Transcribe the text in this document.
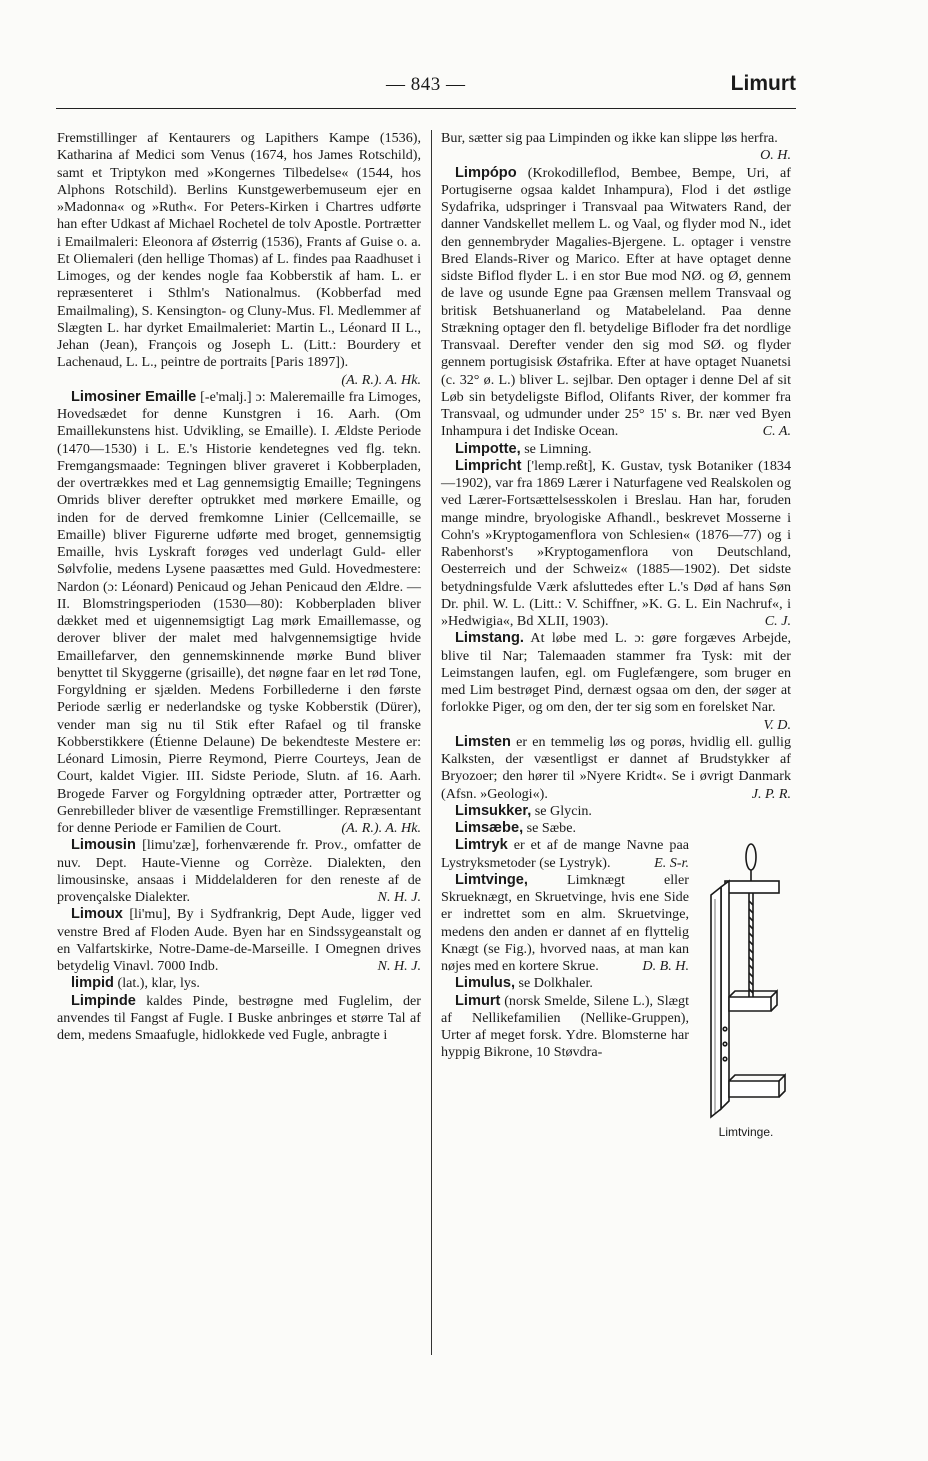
— 843 —	Limurt

Fremstillinger af Kentaurers og Lapithers Kampe (1536), Katharina af Medici som Venus (1674, hos James Rotschild), samt et Triptykon med »Kongernes Tilbedelse« (1544, hos Alphons Rotschild). Berlins Kunstgewerbemuseum ejer en »Madonna« og »Ruth«. For Peters-Kirken i Chartres udførte han efter Udkast af Michael Rochetel de tolv Apostle. Portrætter i Emailmaleri: Eleonora af Østerrig (1536), Frants af Guise o. a. Et Oliemaleri (den hellige Thomas) af L. findes paa Raadhuset i Limoges, og der kendes nogle faa Kobberstik af ham. L. er repræsenteret i Sthlm's Nationalmus. (Kobberfad med Emailmaling), S. Kensington- og Cluny-Mus. Fl. Medlemmer af Slægten L. har dyrket Emailmaleriet: Martin L., Léonard II L., Jehan (Jean), François og Joseph L. (Litt.: Bourdery et Lachenaud, L. L., peintre de portraits [Paris 1897]).
(A. R.). A. Hk.

Limosiner Emaille [-e'malj.] ɔ: Maleremaille fra Limoges, Hovedsædet for denne Kunstgren i 16. Aarh. (Om Emaillekunstens hist. Udvikling, se Emaille). I. Ældste Periode (1470—1530) i L. E.'s Historie kendetegnes ved flg. tekn. Fremgangsmaade: Tegningen bliver graveret i Kobberpladen, der overtrækkes med et Lag gennemsigtig Emaille; Tegningens Omrids bliver derefter optrukket med mørkere Emaille, og inden for de derved fremkomne Linier (Cellcemaille, se Emaille) bliver Figurerne udførte med broget, gennemsigtig Emaille, hvis Lyskraft forøges ved underlagt Guld- eller Sølvfolie, medens Lysene paasættes med Guld. Hovedmestere: Nardon (ɔ: Léonard) Penicaud og Jehan Penicaud den Ældre. — II. Blomstringsperioden (1530—80): Kobberpladen bliver dækket med et uigennemsigtigt Lag mørk Emaillemasse, og derover bliver der malet med halvgennemsigtige hvide Emaillefarver, den gennemskinnende mørke Bund bliver benyttet til Skyggerne (grisaille), det nøgne faar en let rød Tone, Forgyldning er sjælden. Medens Forbillederne i den første Periode særlig er nederlandske og tyske Kobberstik (Dürer), vender man sig nu til Stik efter Rafael og til franske Kobberstikkere (Étienne Delaune) De bekendteste Mestere er: Léonard Limosin, Pierre Reymond, Pierre Courteys, Jean de Court, kaldet Vigier. III. Sidste Periode, Slutn. af 16. Aarh. Brogede Farver og Forgyldning optræder atter, Portrætter og Genrebilleder bliver de væsentlige Fremstillinger. Repræsentant for denne Periode er Familien de Court.	(A. R.). A. Hk.

Limousin [limu'zæ], forhenværende fr. Prov., omfatter de nuv. Dept. Haute-Vienne og Corrèze. Dialekten, den limousinske, ansaas i Middelalderen for den reneste af de provençalske Dialekter.	N. H. J.

Limoux [li'mu], By i Sydfrankrig, Dept Aude, ligger ved venstre Bred af Floden Aude. Byen har en Sindssygeanstalt og en Valfartskirke, Notre-Dame-de-Marseille. I Omegnen drives betydelig Vinavl. 7000 Indb.	N. H. J.

limpid (lat.), klar, lys.

Limpinde kaldes Pinde, bestrøgne med Fuglelim, der anvendes til Fangst af Fugle. I Buske anbringes et større Tal af dem, medens Smaafugle, hidlokkede ved Fugle, anbragte i

Bur, sætter sig paa Limpinden og ikke kan slippe løs herfra.
O. H.

Limpópo (Krokodilleflod, Bembee, Bempe, Uri, af Portugiserne ogsaa kaldet Inhampura), Flod i det østlige Sydafrika, udspringer i Transvaal paa Witwaters Rand, der danner Vandskellet mellem L. og Vaal, og flyder mod N., idet den gennembryder Magalies-Bjergene. L. optager i venstre Bred Elands-River og Marico. Efter at have optaget denne sidste Biflod flyder L. i en stor Bue mod NØ. og Ø, gennem de lave og usunde Egne paa Grænsen mellem Transvaal og britisk Betshuanerland og Matabeleland. Paa denne Strækning optager den fl. betydelige Bifloder fra det nordlige Transvaal. Derefter vender den sig mod SØ. og flyder gennem portugisisk Østafrika. Efter at have optaget Nuanetsi (c. 32° ø. L.) bliver L. sejlbar. Den optager i denne Del af sit Løb sin betydeligste Biflod, Olifants River, der kommer fra Transvaal, og udmunder under 25° 15' s. Br. nær ved Byen Inhampura i det Indiske Ocean.	C. A.

Limpotte, se Limning.

Limpricht ['lemp.reßt], K. Gustav, tysk Botaniker (1834—1902), var fra 1869 Lærer i Naturfagene ved Realskolen og ved Lærer-Fortsættelsesskolen i Breslau. Han har, foruden mange mindre, bryologiske Afhandl., beskrevet Mosserne i Cohn's »Kryptogamenflora von Schlesien« (1876—77) og i Rabenhorst's »Kryptogamenflora von Deutschland, Oesterreich und der Schweiz« (1885—1902). Det sidste betydningsfulde Værk afsluttedes efter L.'s Død af hans Søn Dr. phil. W. L. (Litt.: V. Schiffner, »K. G. L. Ein Nachruf«, i »Hedwigia«, Bd XLII, 1903).	C. J.

Limstang. At løbe med L. ɔ: gøre forgæves Arbejde, blive til Nar; Talemaaden stammer fra Tysk: mit der Leimstangen laufen, egl. om Fuglefængere, som bruger en med Lim bestrøget Pind, dernæst ogsaa om den, der søger at forlokke Piger, og om den, der ter sig som en forelsket Nar.
V. D.

Limsten er en temmelig løs og porøs, hvidlig ell. gullig Kalksten, der væsentligst er dannet af Brudstykker af Bryozoer; den hører til »Nyere Kridt«. Se i øvrigt Danmark (Afsn. »Geologi«).	J. P. R.

Limsukker, se Glycin.

Limsæbe, se Sæbe.

Limtvinge.

Limtryk er et af de mange Navne paa Lystryksmetoder (se Lystryk).	E. S-r.

Limtvinge, Limknægt eller Skrueknægt, en Skruetvinge, hvis ene Side er indrettet som en alm. Skruetvinge, medens den anden er dannet af en flyttelig Knægt (se Fig.), hvorved naas, at man kan nøjes med en kortere Skrue.	D. B. H.

Limulus, se Dolkhaler.

Limurt (norsk Smelde, Silene L.), Slægt af Nellikefamilien (Nellike-Gruppen), Urter af meget forsk. Ydre. Blomsterne har hyppig Bikrone, 10 Støvdra-
